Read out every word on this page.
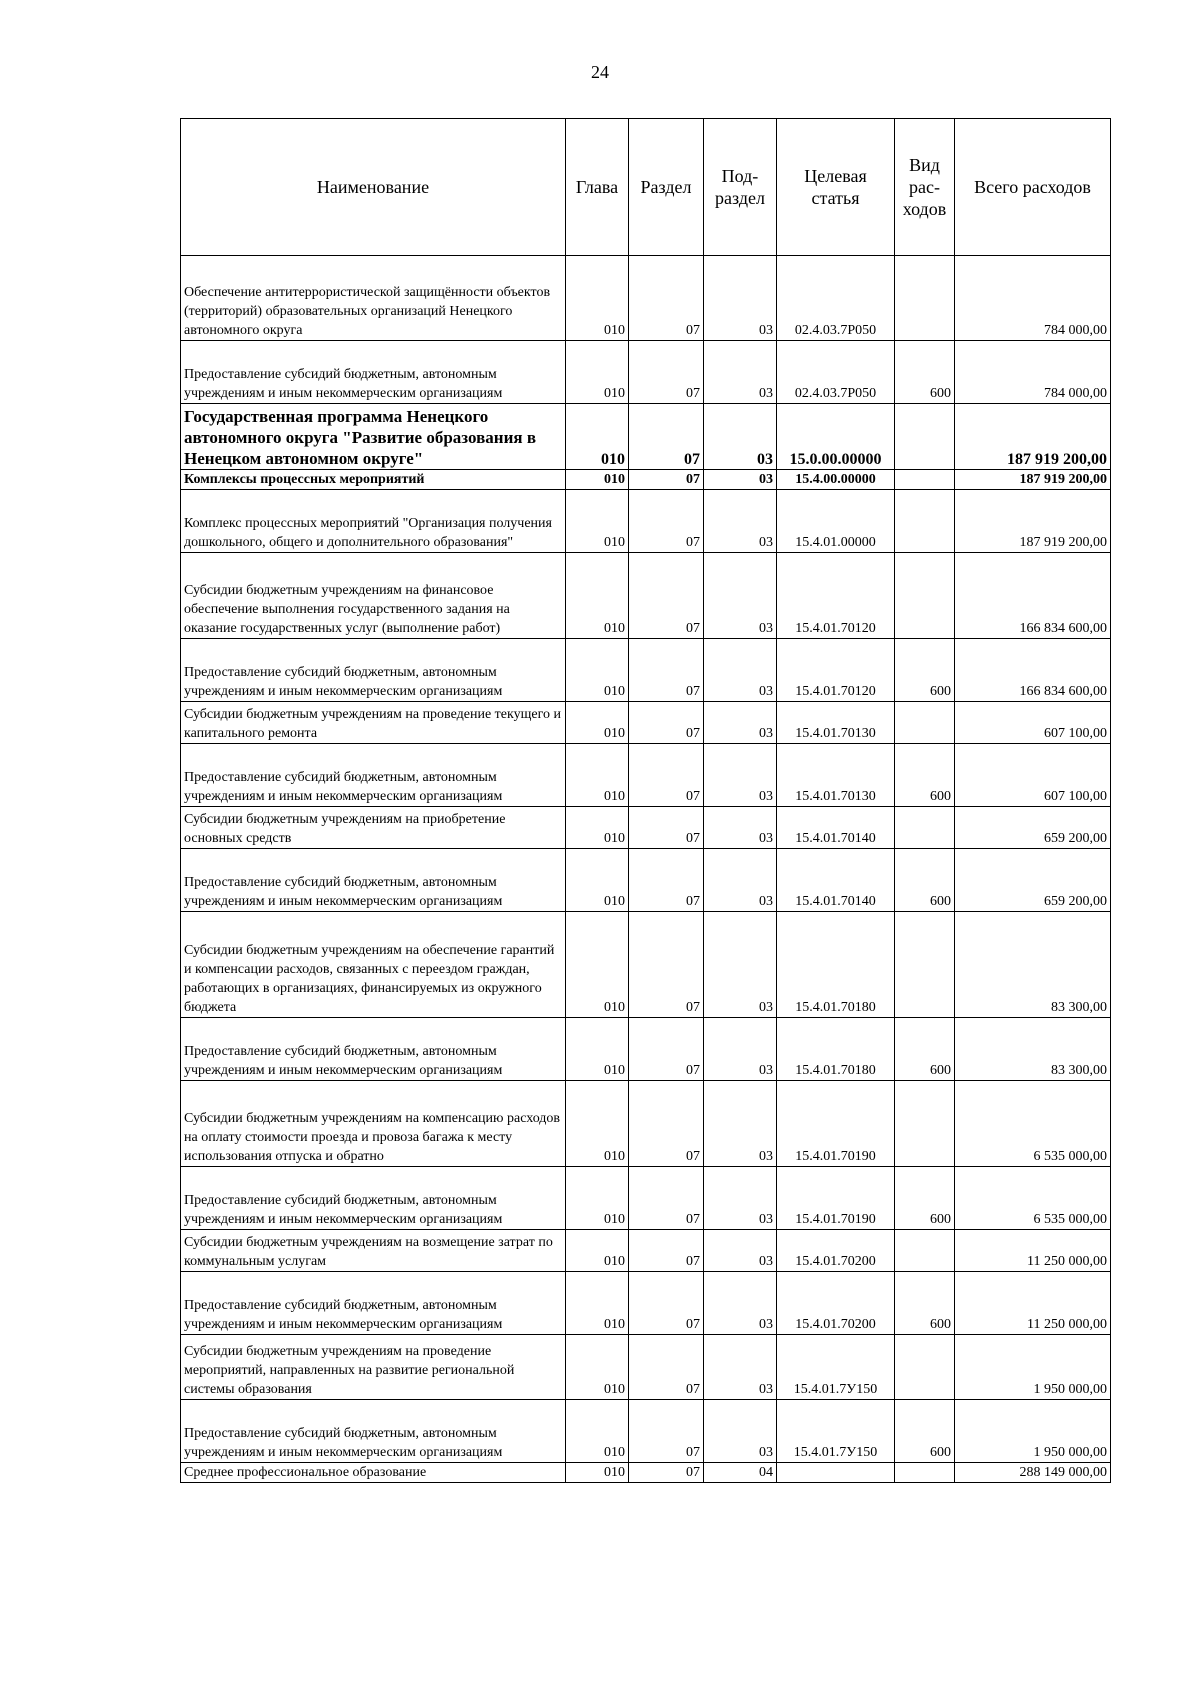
24
Наименование	Глава	Раздел	Под-раздел	Целевая статья	Вид рас-ходов	Всего расходов
Обеспечение антитеррористической защищённости объектов (территорий) образовательных организаций Ненецкого автономного округа	010	07	03	02.4.03.7Р050		784 000,00
Предоставление субсидий бюджетным, автономным учреждениям и иным некоммерческим организациям	010	07	03	02.4.03.7Р050	600	784 000,00
Государственная программа Ненецкого автономного округа "Развитие образования в Ненецком автономном округе"	010	07	03	15.0.00.00000		187 919 200,00
Комплексы процессных мероприятий	010	07	03	15.4.00.00000		187 919 200,00
Комплекс процессных мероприятий "Организация получения дошкольного, общего и дополнительного образования"	010	07	03	15.4.01.00000		187 919 200,00
Субсидии бюджетным учреждениям на финансовое обеспечение выполнения государственного задания на оказание государственных услуг (выполнение работ)	010	07	03	15.4.01.70120		166 834 600,00
Предоставление субсидий бюджетным, автономным учреждениям и иным некоммерческим организациям	010	07	03	15.4.01.70120	600	166 834 600,00
Субсидии бюджетным учреждениям на проведение текущего и капитального ремонта	010	07	03	15.4.01.70130		607 100,00
Предоставление субсидий бюджетным, автономным учреждениям и иным некоммерческим организациям	010	07	03	15.4.01.70130	600	607 100,00
Субсидии бюджетным учреждениям на приобретение основных средств	010	07	03	15.4.01.70140		659 200,00
Предоставление субсидий бюджетным, автономным учреждениям и иным некоммерческим организациям	010	07	03	15.4.01.70140	600	659 200,00
Субсидии бюджетным учреждениям на обеспечение гарантий и компенсации расходов, связанных с переездом граждан, работающих в организациях, финансируемых из окружного бюджета	010	07	03	15.4.01.70180		83 300,00
Предоставление субсидий бюджетным, автономным учреждениям и иным некоммерческим организациям	010	07	03	15.4.01.70180	600	83 300,00
Субсидии бюджетным учреждениям на компенсацию расходов на оплату стоимости проезда и провоза багажа к месту использования отпуска и обратно	010	07	03	15.4.01.70190		6 535 000,00
Предоставление субсидий бюджетным, автономным учреждениям и иным некоммерческим организациям	010	07	03	15.4.01.70190	600	6 535 000,00
Субсидии бюджетным учреждениям на возмещение затрат по коммунальным услугам	010	07	03	15.4.01.70200		11 250 000,00
Предоставление субсидий бюджетным, автономным учреждениям и иным некоммерческим организациям	010	07	03	15.4.01.70200	600	11 250 000,00
Субсидии бюджетным учреждениям на проведение мероприятий, направленных на развитие региональной системы образования	010	07	03	15.4.01.7У150		1 950 000,00
Предоставление субсидий бюджетным, автономным учреждениям и иным некоммерческим организациям	010	07	03	15.4.01.7У150	600	1 950 000,00
Среднее профессиональное образование	010	07	04			288 149 000,00
